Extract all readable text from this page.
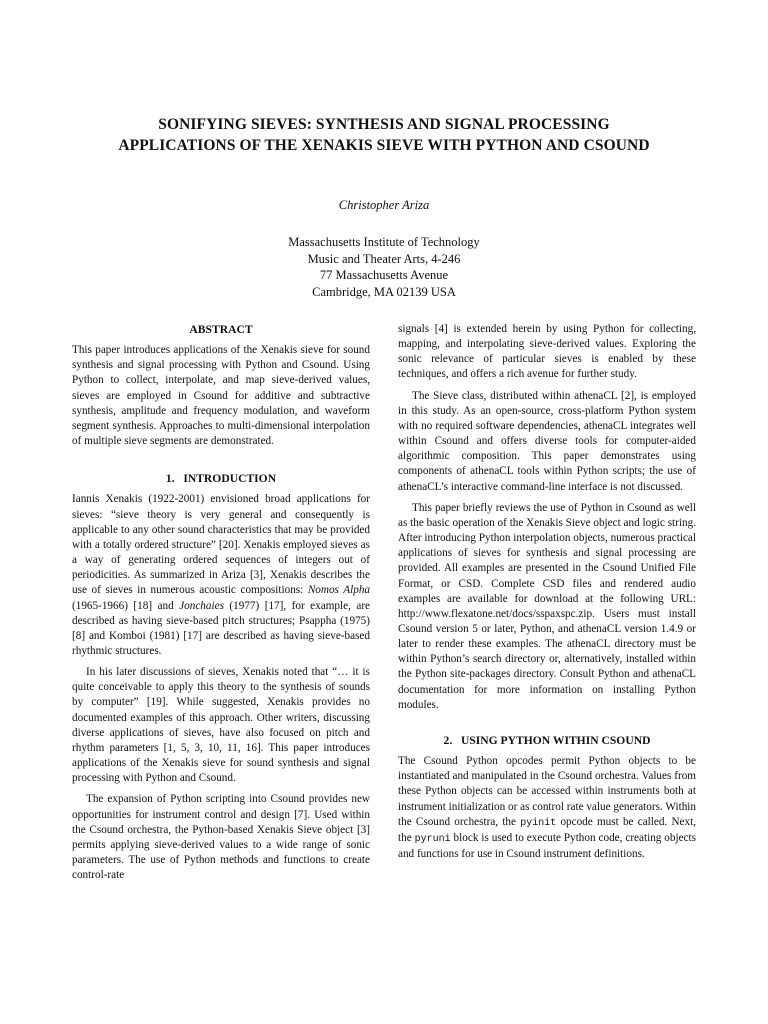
SONIFYING SIEVES: SYNTHESIS AND SIGNAL PROCESSING APPLICATIONS OF THE XENAKIS SIEVE WITH PYTHON AND CSOUND
Christopher Ariza
Massachusetts Institute of Technology
Music and Theater Arts, 4-246
77 Massachusetts Avenue
Cambridge, MA 02139 USA
ABSTRACT

This paper introduces applications of the Xenakis sieve for sound synthesis and signal processing with Python and Csound. Using Python to collect, interpolate, and map sieve-derived values, sieves are employed in Csound for additive and subtractive synthesis, amplitude and frequency modulation, and waveform segment synthesis. Approaches to multi-dimensional interpolation of multiple sieve segments are demonstrated.

1.   INTRODUCTION

Iannis Xenakis (1922-2001) envisioned broad applications for sieves: “sieve theory is very general and consequently is applicable to any other sound characteristics that may be provided with a totally ordered structure” [20]. Xenakis employed sieves as a way of generating ordered sequences of integers out of periodicities. As summarized in Ariza [3], Xenakis describes the use of sieves in numerous acoustic compositions: Nomos Alpha (1965-1966) [18] and Jonchaies (1977) [17], for example, are described as having sieve-based pitch structures; Psappha (1975) [8] and Komboi (1981) [17] are described as having sieve-based rhythmic structures.

In his later discussions of sieves, Xenakis noted that “… it is quite conceivable to apply this theory to the synthesis of sounds by computer” [19]. While suggested, Xenakis provides no documented examples of this approach. Other writers, discussing diverse applications of sieves, have also focused on pitch and rhythm parameters [1, 5, 3, 10, 11, 16]. This paper introduces applications of the Xenakis sieve for sound synthesis and signal processing with Python and Csound.

The expansion of Python scripting into Csound provides new opportunities for instrument control and design [7]. Used within the Csound orchestra, the Python-based Xenakis Sieve object [3] permits applying sieve-derived values to a wide range of sonic parameters. The use of Python methods and functions to create control-rate

signals [4] is extended herein by using Python for collecting, mapping, and interpolating sieve-derived values. Exploring the sonic relevance of particular sieves is enabled by these techniques, and offers a rich avenue for further study.

The Sieve class, distributed within athenaCL [2], is employed in this study. As an open-source, cross-platform Python system with no required software dependencies, athenaCL integrates well within Csound and offers diverse tools for computer-aided algorithmic composition. This paper demonstrates using components of athenaCL tools within Python scripts; the use of athenaCL’s interactive command-line interface is not discussed.

This paper briefly reviews the use of Python in Csound as well as the basic operation of the Xenakis Sieve object and logic string. After introducing Python interpolation objects, numerous practical applications of sieves for synthesis and signal processing are provided. All examples are presented in the Csound Unified File Format, or CSD. Complete CSD files and rendered audio examples are available for download at the following URL: http://www.flexatone.net/docs/sspaxspc.zip. Users must install Csound version 5 or later, Python, and athenaCL version 1.4.9 or later to render these examples. The athenaCL directory must be within Python’s search directory or, alternatively, installed within the Python site-packages directory. Consult Python and athenaCL documentation for more information on installing Python modules.

2.   USING PYTHON WITHIN CSOUND

The Csound Python opcodes permit Python objects to be instantiated and manipulated in the Csound orchestra. Values from these Python objects can be accessed within instruments both at instrument initialization or as control rate value generators. Within the Csound orchestra, the pyinit opcode must be called. Next, the pyruni block is used to execute Python code, creating objects and functions for use in Csound instrument definitions.
